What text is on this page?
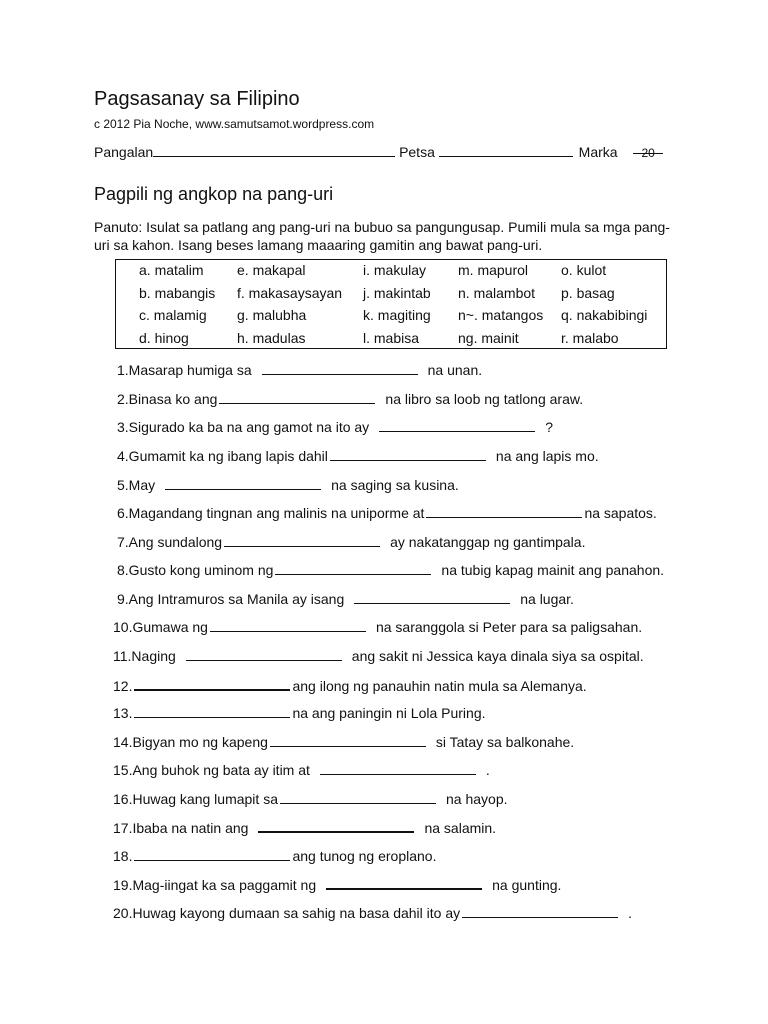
Pagsasanay sa Filipino
c 2012 Pia Noche, www.samutsamot.wordpress.com
Pangalan	Petsa	Marka 20
Pagpili ng angkop na pang-uri
Panuto: Isulat sa patlang ang pang-uri na bubuo sa pangungusap. Pumili mula sa mga pang-uri sa kahon. Isang beses lamang maaaring gamitin ang bawat pang-uri.
a. matalim e. makapal	i. makulay m. mapurol o. kulot
b. mabangis f. makasaysayan j. makintab n. malambot p. basag
c. malamig g. malubha	k. magiting n~. matangos q. nakabibingi
d. hinog	h. madulas	l. mabisa	ng. mainit	r. malabo
1.Masarap humiga sa	na unan.
2.Binasa ko ang	na libro sa loob ng tatlong araw.
3.Sigurado ka ba na ang gamot na ito ay	?
4.Gumamit ka ng ibang lapis dahil	na ang lapis mo.
5.May	na saging sa kusina.
6.Magandang tingnan ang malinis na uniporme at	na sapatos.
7.Ang sundalong	ay nakatanggap ng gantimpala.
8.Gusto kong uminom ng	na tubig kapag mainit ang panahon.
9.Ang Intramuros sa Manila ay isang	na lugar.
10.Gumawa ng	na saranggola si Peter para sa paligsahan.
11.Naging	ang sakit ni Jessica kaya dinala siya sa ospital.
12.	ang ilong ng panauhin natin mula sa Alemanya.
13.	na ang paningin ni Lola Puring.
14.Bigyan mo ng kapeng	si Tatay sa balkonahe.
15.Ang buhok ng bata ay itim at	.
16.Huwag kang lumapit sa	na hayop.
17.Ibaba na natin ang	na salamin.
18.	ang tunog ng eroplano.
19.Mag-iingat ka sa paggamit ng	na gunting.
20.Huwag kayong dumaan sa sahig na basa dahil ito ay	.
